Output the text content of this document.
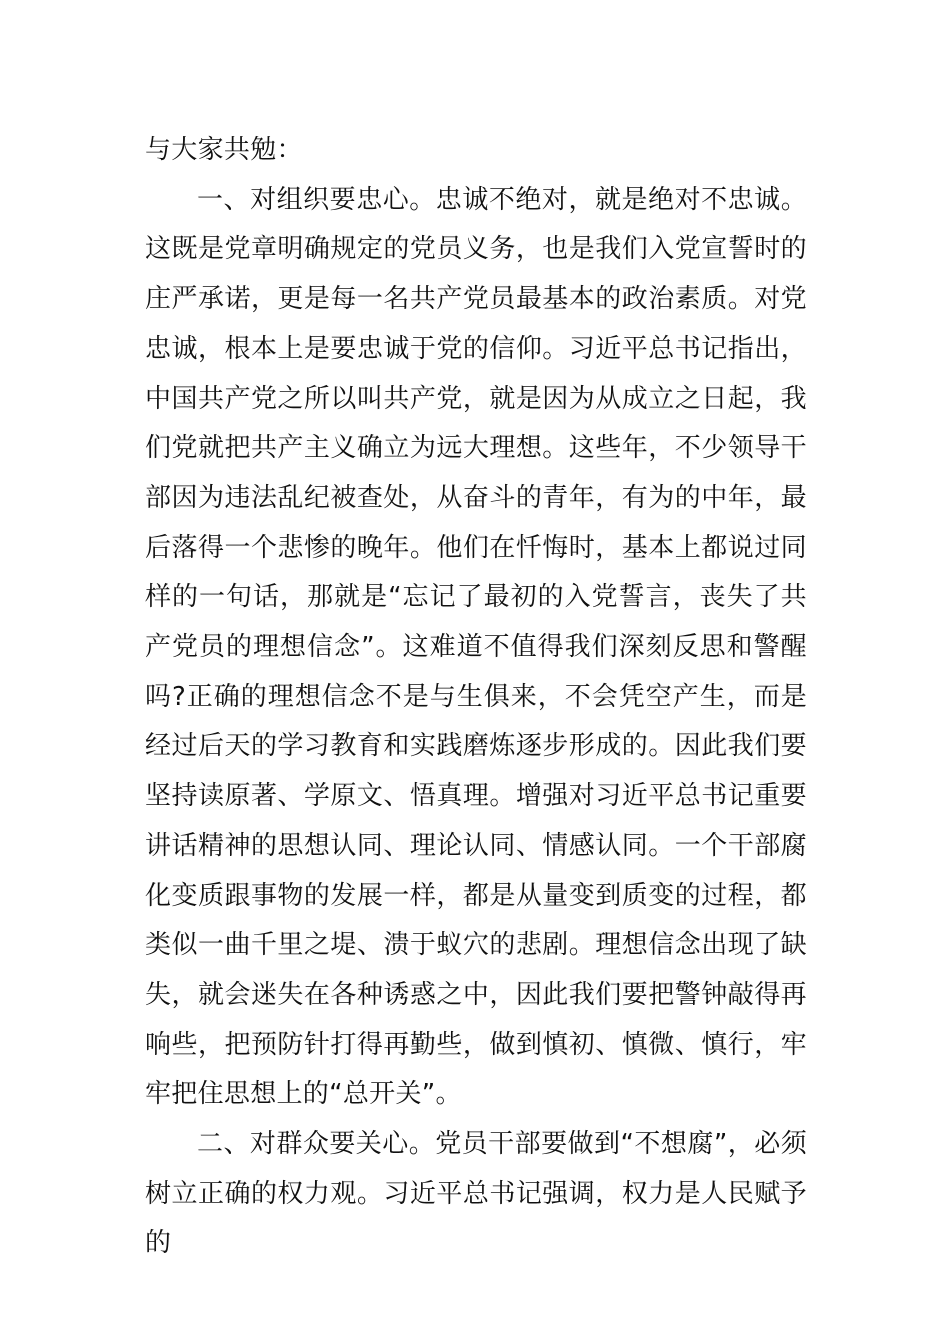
与大家共勉：

一、对组织要忠心。忠诚不绝对，就是绝对不忠诚。这既是党章明确规定的党员义务，也是我们入党宣誓时的庄严承诺，更是每一名共产党员最基本的政治素质。对党忠诚，根本上是要忠诚于党的信仰。习近平总书记指出，中国共产党之所以叫共产党，就是因为从成立之日起，我们党就把共产主义确立为远大理想。这些年，不少领导干部因为违法乱纪被查处，从奋斗的青年，有为的中年，最后落得一个悲惨的晚年。他们在忏悔时，基本上都说过同样的一句话，那就是“忘记了最初的入党誓言，丧失了共产党员的理想信念”。这难道不值得我们深刻反思和警醒吗?正确的理想信念不是与生俱来，不会凭空产生，而是经过后天的学习教育和实践磨炼逐步形成的。因此我们要坚持读原著、学原文、悟真理。增强对习近平总书记重要讲话精神的思想认同、理论认同、情感认同。一个干部腐化变质跟事物的发展一样，都是从量变到质变的过程，都类似一曲千里之堤、溃于蚁穴的悲剧。理想信念出现了缺失，就会迷失在各种诱惑之中，因此我们要把警钟敲得再响些，把预防针打得再勤些，做到慎初、慎微、慎行，牢牢把住思想上的“总开关”。

二、对群众要关心。党员干部要做到“不想腐”，必须树立正确的权力观。习近平总书记强调，权力是人民赋予的
